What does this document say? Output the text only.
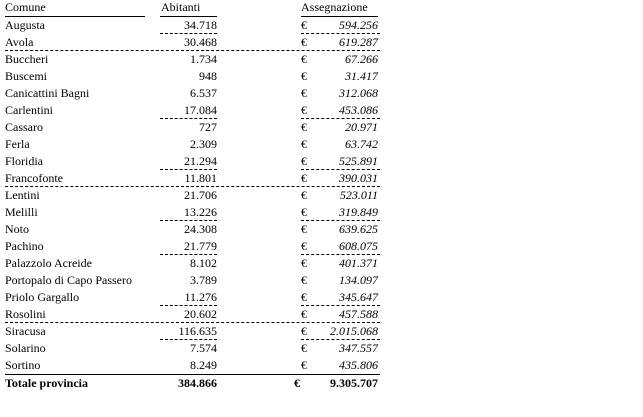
Comune	Abitanti	Assegnazione
Augusta	34.718	€	594.256
Avola	30.468	€	619.287
Buccheri	1.734	€	67.266
Buscemi	948	€	31.417
Canicattini Bagni	6.537	€	312.068
Carlentini	17.084	€	453.086
Cassaro	727	€	20.971
Ferla	2.309	€	63.742
Floridia	21.294	€	525.891
Francofonte	11.801	€	390.031
Lentini	21.706	€	523.011
Melilli	13.226	€	319.849
Noto	24.308	€	639.625
Pachino	21.779	€	608.075
Palazzolo Acreide	8.102	€	401.371
Portopalo di Capo Passero	3.789	€	134.097
Priolo Gargallo	11.276	€	345.647
Rosolini	20.602	€	457.588
Siracusa	116.635	€	2.015.068
Solarino	7.574	€	347.557
Sortino	8.249	€	435.806
Totale provincia	384.866	€	9.305.707
